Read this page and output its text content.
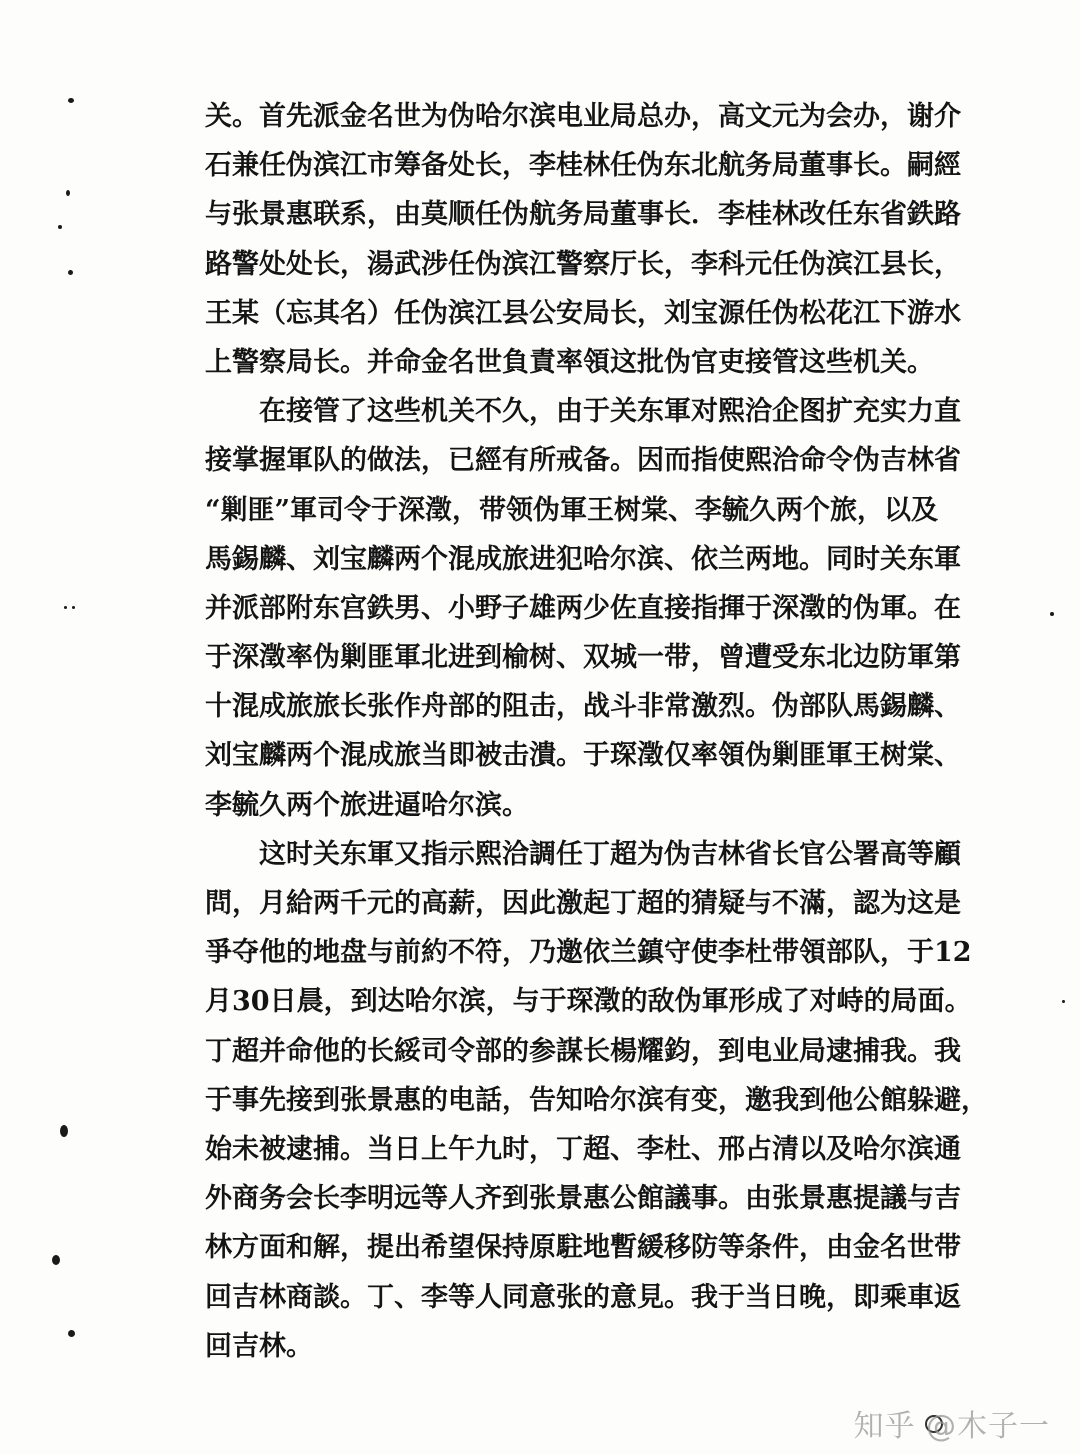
关。首先派金名世为伪哈尔滨电业局总办，高文元为会办，谢介
石兼任伪滨江市筹备处长，李桂林任伪东北航务局董事长。嗣經
与张景惠联系，由莫顺任伪航务局董事长．李桂林改任东省鉄路
路警处处长，湯武涉任伪滨江警察厅长，李科元任伪滨江县长，
王某（忘其名）任伪滨江县公安局长，刘宝源任伪松花江下游水
上警察局长。并命金名世負責率領这批伪官吏接管这些机关。
　　在接管了这些机关不久，由于关东軍对熙洽企图扩充实力直
接掌握軍队的做法，已經有所戒备。因而指使熙洽命令伪吉林省
“剿匪”軍司令于深澂，带领伪軍王树棠、李毓久两个旅，以及
馬錫麟、刘宝麟两个混成旅进犯哈尔滨、依兰两地。同时关东軍
并派部附东宫鉄男、小野子雄两少佐直接指揮于深澂的伪軍。在
于深澂率伪剿匪軍北进到榆树、双城一带，曾遭受东北边防軍第
十混成旅旅长张作舟部的阻击，战斗非常激烈。伪部队馬錫麟、
刘宝麟两个混成旅当即被击潰。于琛澂仅率領伪剿匪軍王树棠、
李毓久两个旅进逼哈尔滨。
　　这时关东軍又指示熙洽調任丁超为伪吉林省长官公署高等顧
問，月給两千元的高薪，因此激起丁超的猜疑与不滿，認为这是
爭夺他的地盘与前約不符，乃邀依兰鎮守使李杜带領部队，于12
月30日晨，到达哈尔滨，与于琛澂的敌伪軍形成了对峙的局面。
丁超并命他的长綏司令部的参謀长楊耀鈞，到电业局逮捕我。我
于事先接到张景惠的电話，告知哈尔滨有变，邀我到他公館躲避，
始未被逮捕。当日上午九时，丁超、李杜、邢占清以及哈尔滨通
外商务会长李明远等人齐到张景惠公館議事。由张景惠提議与吉
林方面和解，提出希望保持原駐地暫緩移防等条件，由金名世带
回吉林商談。丁、李等人同意张的意見。我于当日晚，即乘車返
回吉林。
知乎 @木子一
